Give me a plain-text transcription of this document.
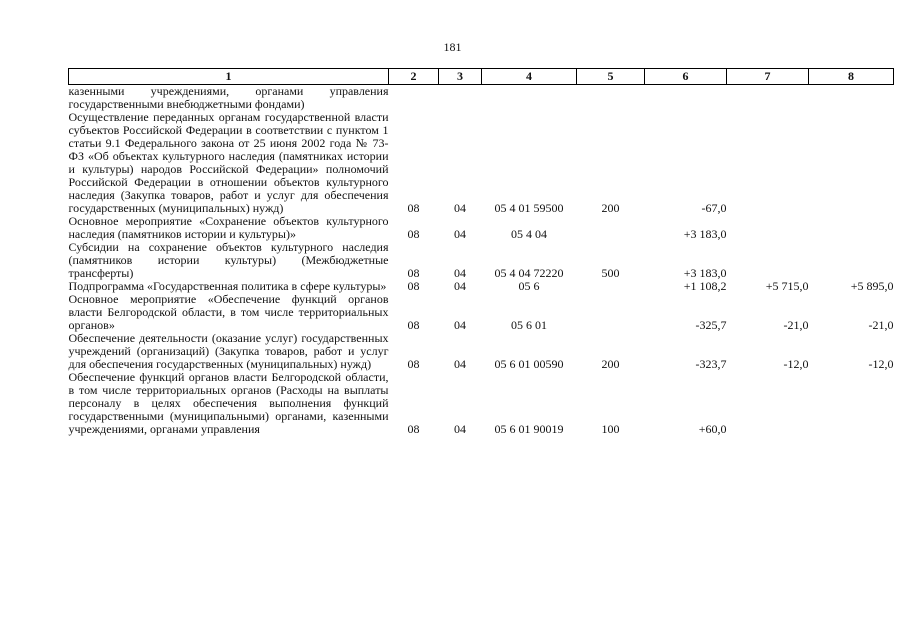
181
1	2	3	4	5	6	7	8
казенными учреждениями, органами управления государственными внебюджетными фондами)							
Осуществление переданных органам государственной власти субъектов Российской Федерации в соответствии с пунктом 1 статьи 9.1 Федерального закона от 25 июня 2002 года № 73-ФЗ «Об объектах культурного наследия (памятниках истории и культуры) народов Российской Федерации» полномочий Российской Федерации в отношении объектов культурного наследия (Закупка товаров, работ и услуг для обеспечения государственных (муниципальных) нужд)	08	04	05 4 01 59500	200	-67,0		
Основное мероприятие «Сохранение объектов культурного наследия (памятников истории и культуры)»	08	04	05 4 04		+3 183,0		
Субсидии на сохранение объектов культурного наследия (памятников истории культуры) (Межбюджетные трансферты)	08	04	05 4 04 72220	500	+3 183,0		
Подпрограмма «Государственная политика в сфере культуры»	08	04	05 6		+1 108,2	+5 715,0	+5 895,0
Основное мероприятие «Обеспечение функций органов власти Белгородской области, в том числе территориальных органов»	08	04	05 6 01		-325,7	-21,0	-21,0
Обеспечение деятельности (оказание услуг) государственных учреждений (организаций) (Закупка товаров, работ и услуг для обеспечения государственных (муниципальных) нужд)	08	04	05 6 01 00590	200	-323,7	-12,0	-12,0
Обеспечение функций органов власти Белгородской области, в том числе территориальных органов (Расходы на выплаты персоналу в целях обеспечения выполнения функций государственными (муниципальными) органами, казенными учреждениями, органами управления	08	04	05 6 01 90019	100	+60,0		
